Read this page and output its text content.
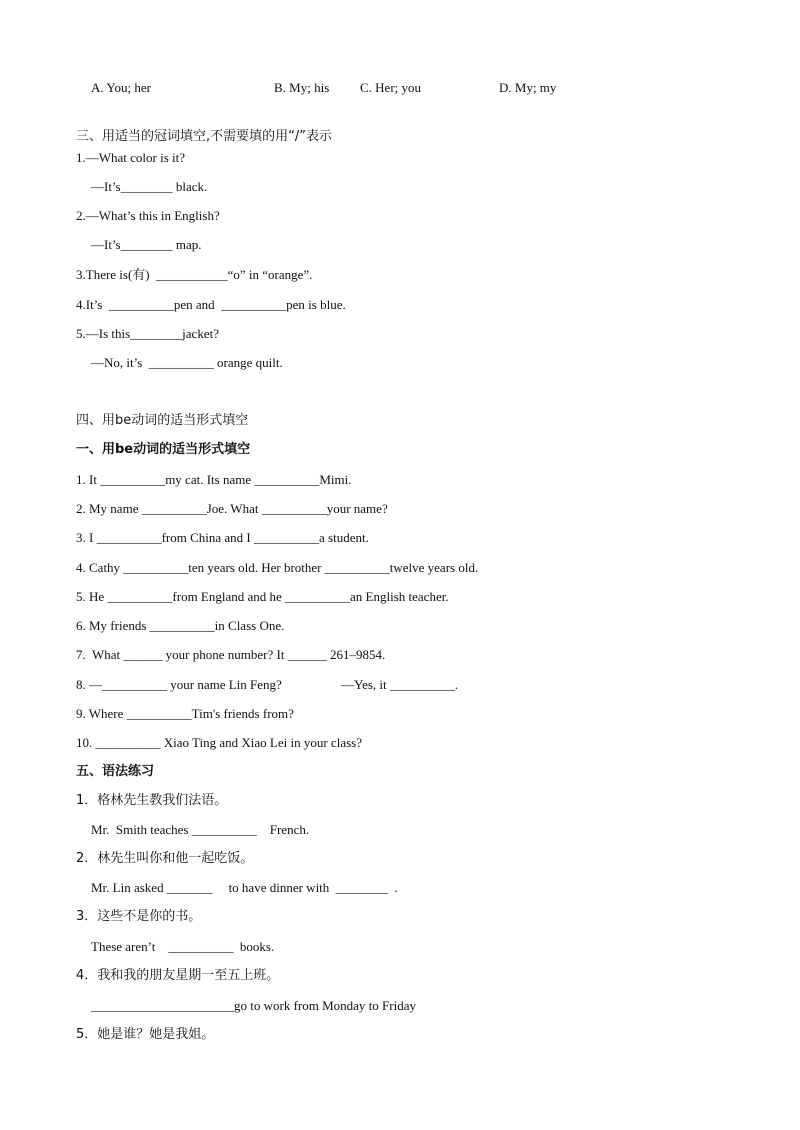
A. You; her	B. My; his C. Her; you	D. My; my
三、用适当的冠词填空,不需要填的用“/”表示
1.—What color is it?
—It’s________ black.
2.—What’s this in English?
—It’s________ map.
3.There is(有)  ___________“o” in “orange”.
4.It’s  __________pen and  __________pen is blue.
5.—Is this________jacket?
—No, it’s  __________ orange quilt.
四、用be动词的适当形式填空
一、用be动词的适当形式填空
1. It __________my cat. Its name __________Mimi.
2. My name __________Joe. What __________your name?
3. I __________from China and I __________a student.
4. Cathy __________ten years old. Her brother __________twelve years old.
5. He __________from England and he __________an English teacher.
6. My friends __________in Class One.
7.  What ______ your phone number? It ______ 261–9854.
8. —__________ your name Lin Feng?	—Yes, it __________.
9. Where __________Tim's friends from?
10. __________ Xiao Ting and Xiao Lei in your class?
五、语法练习
1．格林先生教我们法语。
Mr.  Smith teaches __________    French.
2．林先生叫你和他一起吃饭。
Mr. Lin asked _______     to have dinner with  ________  .
3．这些不是你的书。
These aren’t    __________  books.
4．我和我的朋友星期一至五上班。
______________________go to work from Monday to Friday
5．她是谁？她是我姐。
